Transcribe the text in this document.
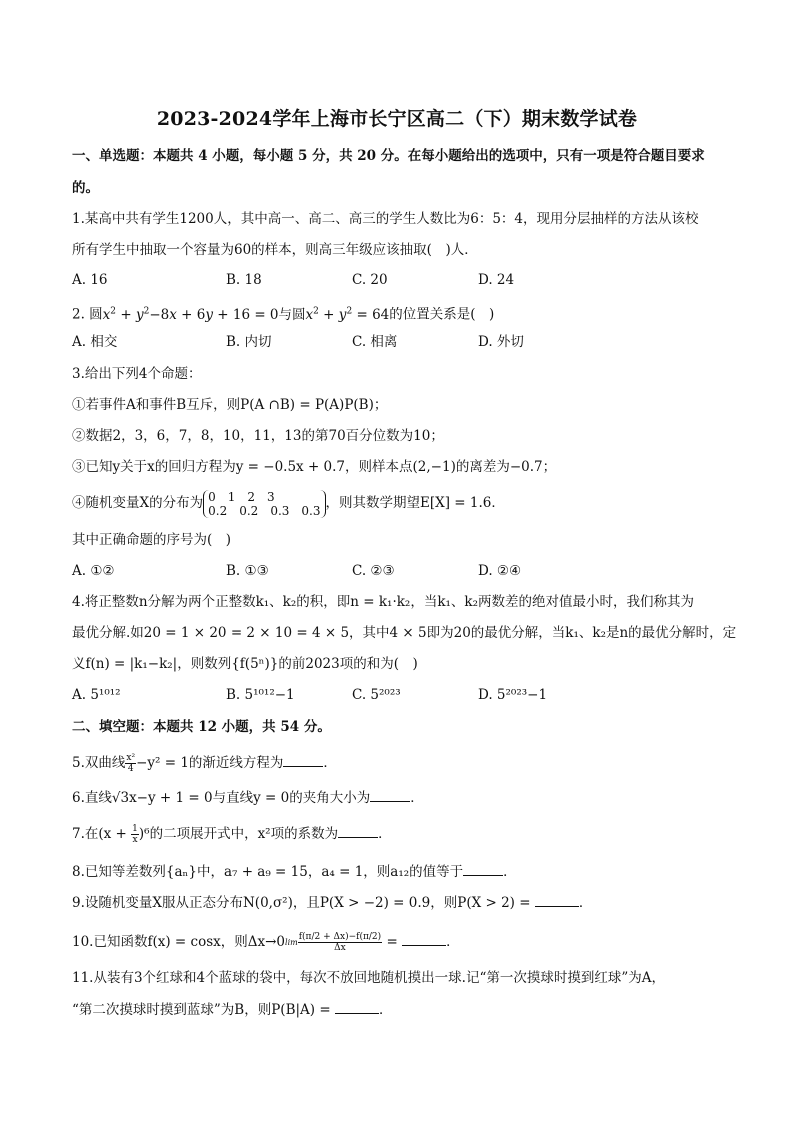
2023-2024学年上海市长宁区高二（下）期末数学试卷
一、单选题：本题共 4 小题，每小题 5 分，共 20 分。在每小题给出的选项中，只有一项是符合题目要求
的。
1.某高中共有学生1200人，其中高一、高二、高三的学生人数比为6：5：4，现用分层抽样的方法从该校
所有学生中抽取一个容量为60的样本，则高三年级应该抽取(　)人．
A. 16	B. 18	C. 20	D. 24
2. 圆$x^2 + y^2-8x + 6y + 16 = 0$与圆$x^2 + y^2 = 64$的位置关系是(　)
A. 相交	B. 内切	C. 相离	D. 外切
3.给出下列4个命题：
①若事件A和事件B互斥，则P(A ∩B) = P(A)P(B)；
②数据2，3，6，7，8，10，11，13的第70百分位数为10；
③已知y关于x的回归方程为y = −0.5x + 0.7，则样本点(2,−1)的离差为−0.7；
④随机变量X的分布为 0 1 2 3
0.2 0.2 0.3 0.3 ，则其数学期望E[X] = 1.6．
其中正确命题的序号为(　)
A. ①②	B. ①③	C. ②③	D. ②④
4.将正整数n分解为两个正整数k₁、k₂的积，即n = k₁·k₂，当k₁、k₂两数差的绝对值最小时，我们称其为
最优分解.如20 = 1 × 20 = 2 × 10 = 4 × 5，其中4 × 5即为20的最优分解，当k₁、k₂是n的最优分解时，定
义f(n) = |k₁−k₂|，则数列{f(5ⁿ)}的前2023项的和为(　)
A. 5¹⁰¹²	B. 5¹⁰¹²−1	C. 5²⁰²³	D. 5²⁰²³−1
二、填空题：本题共 12 小题，共 54 分。
5.双曲线 $\frac{\text{x²}}{4} -y^2 = 1$的渐近线方程为	．
6.直线√3x−y + 1 = 0与直线y = 0的夹角大小为	．
7.在$(x + \frac{1}{x} )^6$的二项展开式中，x²项的系数为	．
8.已知等差数列{aₙ}中，a₇ + a₉ = 15，a₄ = 1，则a₁₂的值等于	．
9.设随机变量X服从正态分布N(0,σ²)，且P(X > −2) = 0.9，则P(X > 2) =	．
10.已知函数f(x) = cosx，则$\Delta x\to 0\lim \frac{f(\pi/2 + \Delta x)-f(\pi/2)}{\Delta x}$ =	．
11.从装有3个红球和4个蓝球的袋中，每次不放回地随机摸出一球.记“第一次摸球时摸到红球”为A，
“第二次摸球时摸到蓝球”为B，则P(B|A) =	．
